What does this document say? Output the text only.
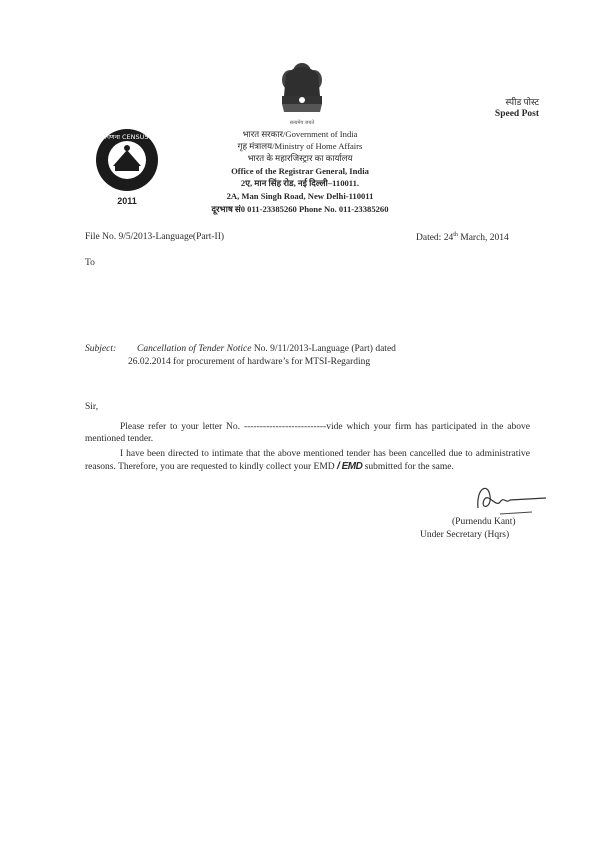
सत्यमेव जयते
भारत की जनगणना CENSUS OF INDIA
2011
भारत सरकार/Government of India
गृह मंत्रालय/Ministry of Home Affairs
भारत के महारजिस्ट्रार का कार्यालय
Office of the Registrar General, India
2ए, मान सिंह रोड, नई दिल्ली–110011.
2A, Man Singh Road, New Delhi-110011
दूरभाष सं0 011-23385260 Phone No. 011-23385260
स्पीड पोस्ट
Speed Post
File No. 9/5/2013-Language(Part-II)	Dated: 24th March, 2014
To
Subject: Cancellation of Tender Notice No. 9/11/2013-Language (Part) dated
26.02.2014 for procurement of hardware’s for MTSI-Regarding
Sir,
Please refer to your letter No. --------------------------vide which your firm has participated in the above mentioned tender.
I have been directed to intimate that the above mentioned tender has been cancelled due to administrative reasons. Therefore, you are requested to kindly collect your EMD / EMD submitted for the same.
(Purnendu Kant)
Under Secretary (Hqrs)
